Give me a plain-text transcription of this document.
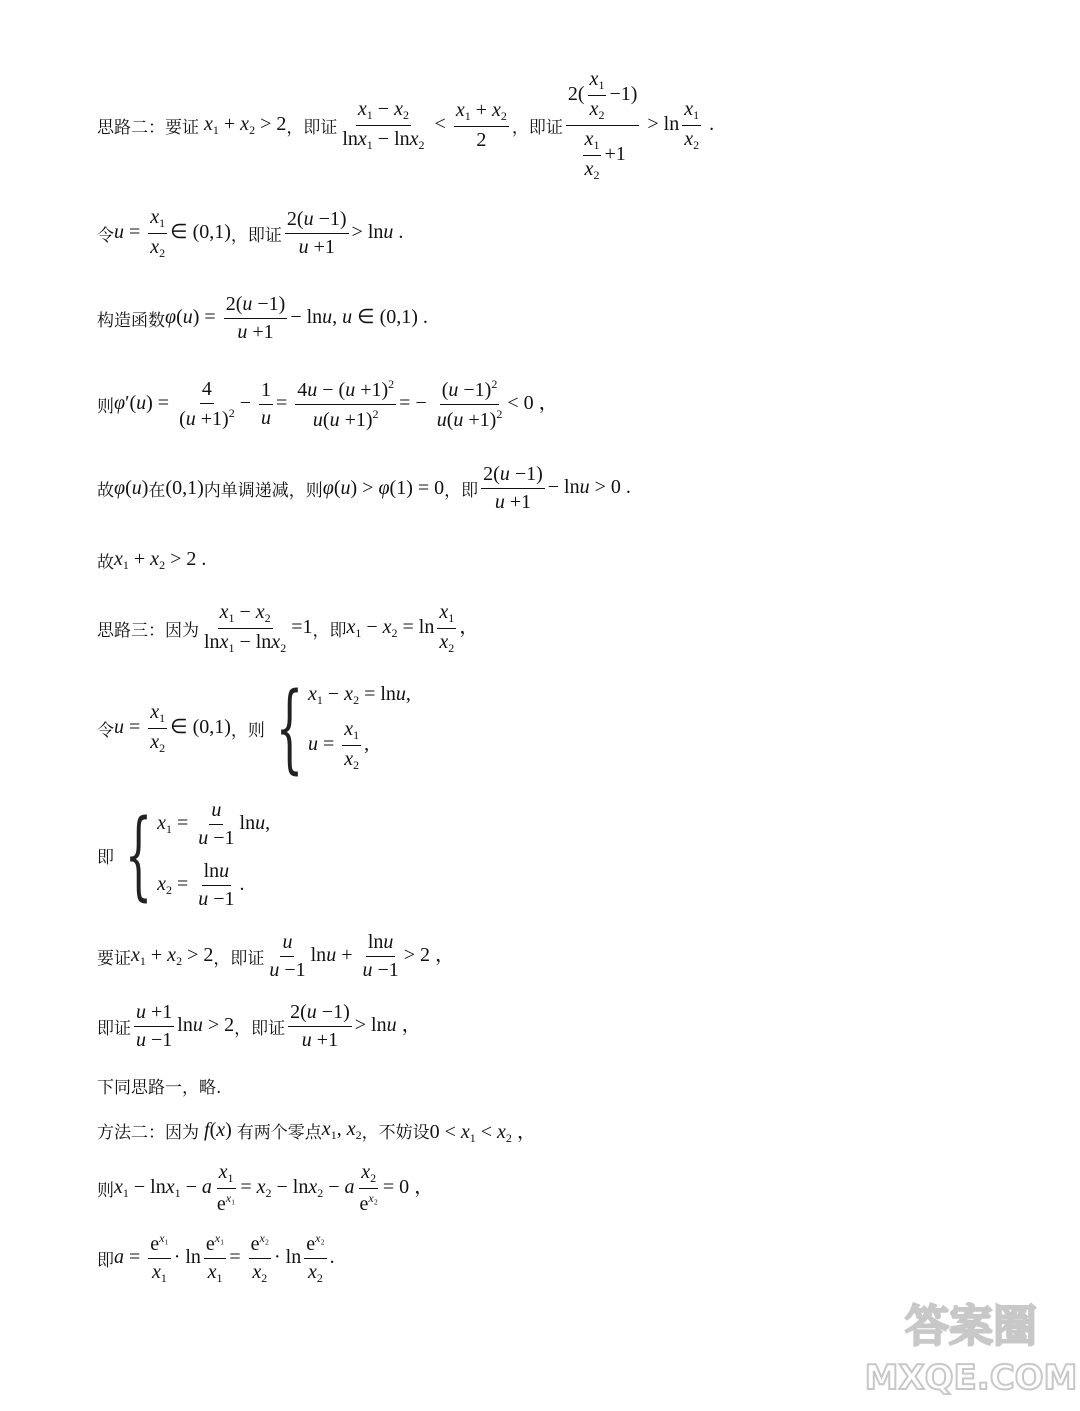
思路二：要证 $x_1 + x_2 > 2$ ， 即证 $\frac{x_1 - x_2}{\ln x_1 - \ln x_2} < \frac{x_1 + x_2}{2}$ ， 即证 $\frac{2( \frac{x_1}{x_2} -1)}{\frac{x_1}{x_2} +1} > \ln \frac{x_1}{x_2}$ .
令 $u = \frac{x_1}{x_2}$ ∈ (0,1) ， 即证 $\frac{2(u -1)}{u +1} > \ln u$ .
构造函数 $\varphi(u) = \frac{2(u -1)}{u +1} - \ln u$, u ∈ (0,1) .
则 $\varphi'(u) = \frac{4}{(u +1)^2} - \frac{1}{u} = \frac{4u - (u +1)^2}{u(u +1)^2}$ = − $\frac{(u -1)^2}{u(u +1)^2} < 0$ ，
故 φ(u) 在 (0,1) 内单调递减，则 φ(u) > φ(1) = 0 ， 即 $\frac{2(u -1)}{u +1} - \ln u > 0$ .
故 $x_1 + x_2 > 2$ .
思路三：因为 $\frac{x_1 - x_2}{\ln x_1 - \ln x_2} =1$ ， 即 $x_1 - x_2 = \ln \frac{x_1}{x_2}$ ，
令 $u = \frac{x_1}{x_2}$ ∈ (0,1) ， 则 { $x_1 - x_2 = \ln u$,
$u = \frac{x_1}{x_2}$ ,
即 { $x_1 = \frac{u}{u -1} \ln u$,
$x_2 = \frac{\ln u}{u -1}$ .
要证 $x_1 + x_2 > 2$ ， 即证 $\frac{u}{u -1}$ $\ln u + \frac{\ln u}{u -1} > 2$ ，
即证 $\frac{u +1}{u -1}$ lnu > 2 ， 即证 $\frac{2(u -1)}{u +1} > \ln u$ ，
下同思路一，略.
方法二：因为 f(x) 有两个零点 $x_1$, $x_2$ ， 不妨设 $0 < x_1 < x_2$ ，
则 $x_1 - \ln x_1 - a \frac{x_1}{e^{x_1}} = x_2 - \ln x_2 - a \frac{x_2}{e^{x_2}} = 0$ ，
即 $a = \frac{e^{x_1}}{x_1} \cdot \ln \frac{e^{x_1}}{x_1} = \frac{e^{x_2}}{x_2} \cdot \ln \frac{e^{x_2}}{x_2}$ .
答案圈
MXQE.COM
